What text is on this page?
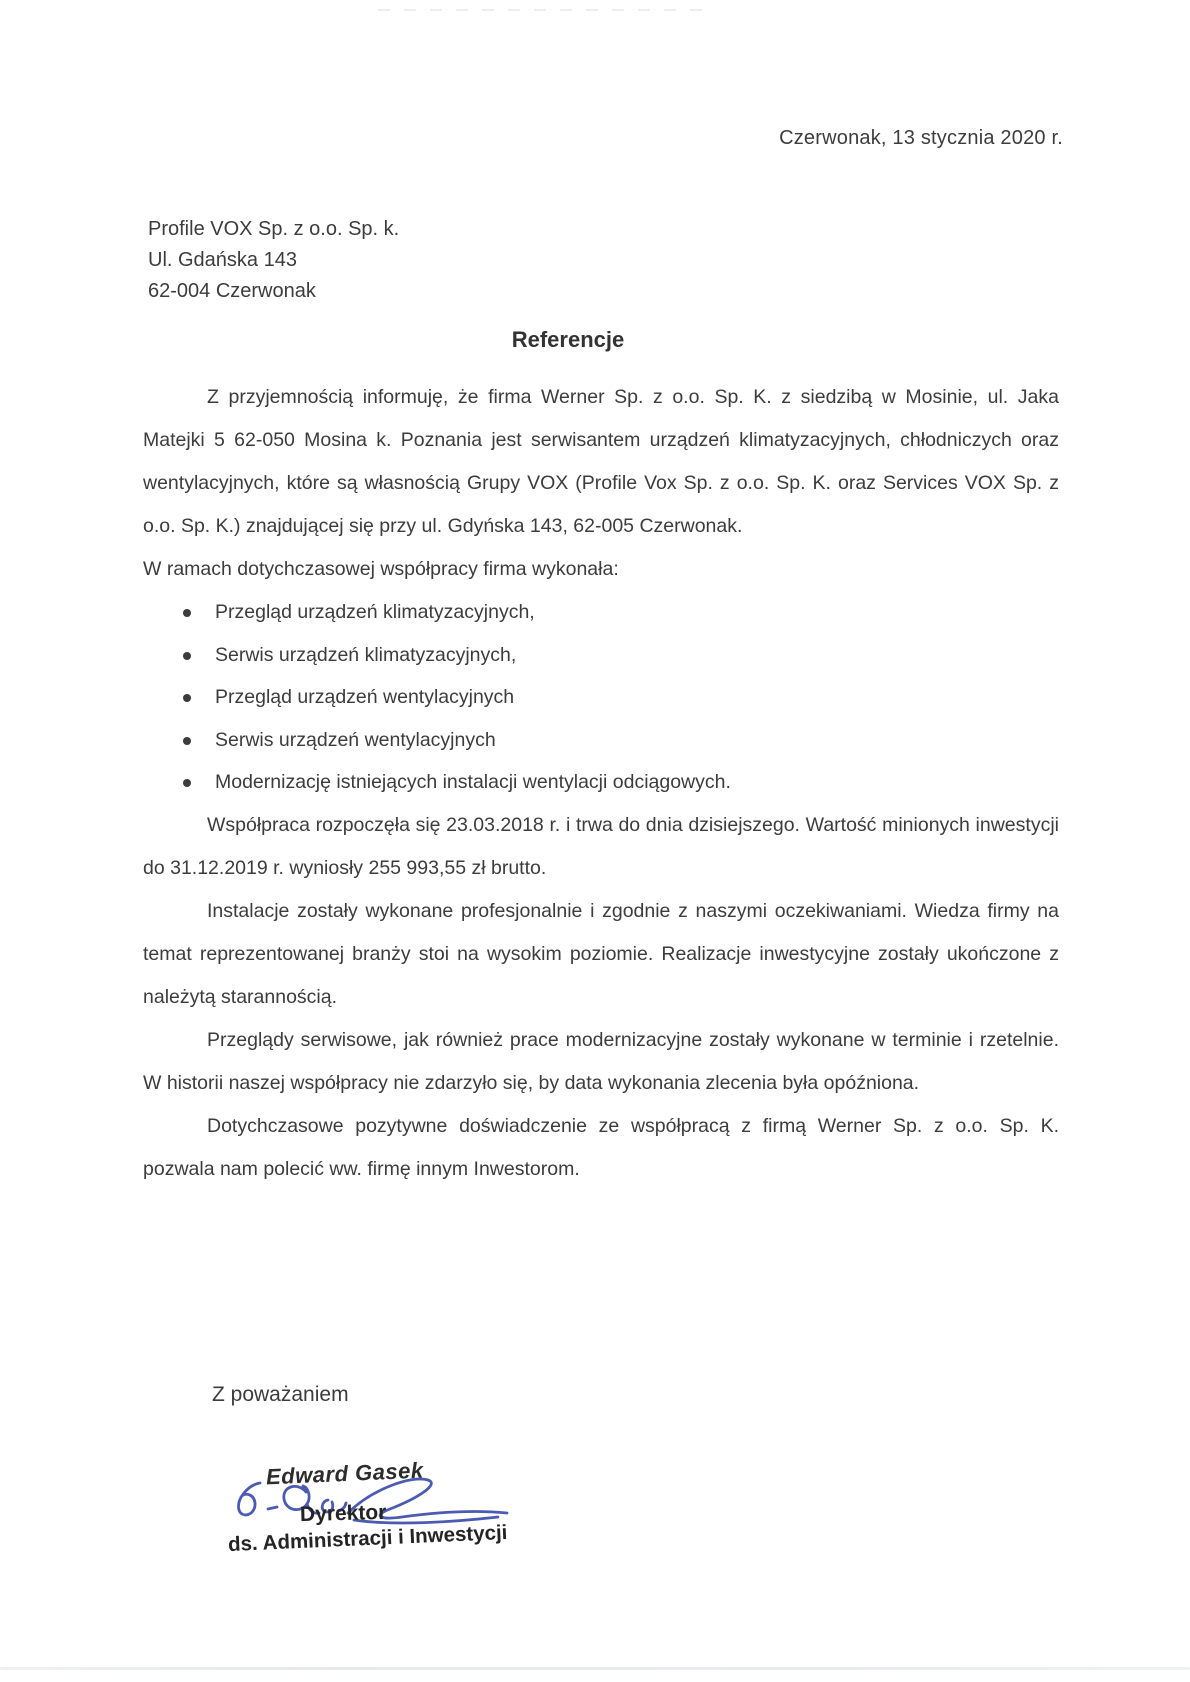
Czerwonak, 13 stycznia 2020 r.
Profile VOX Sp. z o.o. Sp. k.
Ul. Gdańska 143
62-004 Czerwonak
Referencje

Z przyjemnością informuję, że firma Werner Sp. z o.o. Sp. K. z siedzibą w Mosinie, ul. Jaka Matejki 5 62-050 Mosina k. Poznania jest serwisantem urządzeń klimatyzacyjnych, chłodniczych oraz wentylacyjnych, które są własnością Grupy VOX (Profile Vox Sp. z o.o. Sp. K. oraz Services VOX Sp. z o.o. Sp. K.) znajdującej się przy ul. Gdyńska 143, 62-005 Czerwonak.

W ramach dotychczasowej współpracy firma wykonała:

Przegląd urządzeń klimatyzacyjnych,
Serwis urządzeń klimatyzacyjnych,
Przegląd urządzeń wentylacyjnych
Serwis urządzeń wentylacyjnych
Modernizację istniejących instalacji wentylacji odciągowych.

Współpraca rozpoczęła się 23.03.2018 r. i trwa do dnia dzisiejszego. Wartość minionych inwestycji do 31.12.2019 r. wyniosły 255 993,55 zł brutto.

Instalacje zostały wykonane profesjonalnie i zgodnie z naszymi oczekiwaniami. Wiedza firmy na temat reprezentowanej branży stoi na wysokim poziomie. Realizacje inwestycyjne zostały ukończone z należytą starannością.

Przeglądy serwisowe, jak również prace modernizacyjne zostały wykonane w terminie i rzetelnie. W historii naszej współpracy nie zdarzyło się, by data wykonania zlecenia była opóźniona.

Dotychczasowe pozytywne doświadczenie ze współpracą z firmą Werner Sp. z o.o. Sp. K. pozwala nam polecić ww. firmę innym Inwestorom.

Z poważaniem
Edward Gasek
Dyrektor
ds. Administracji i Inwestycji
